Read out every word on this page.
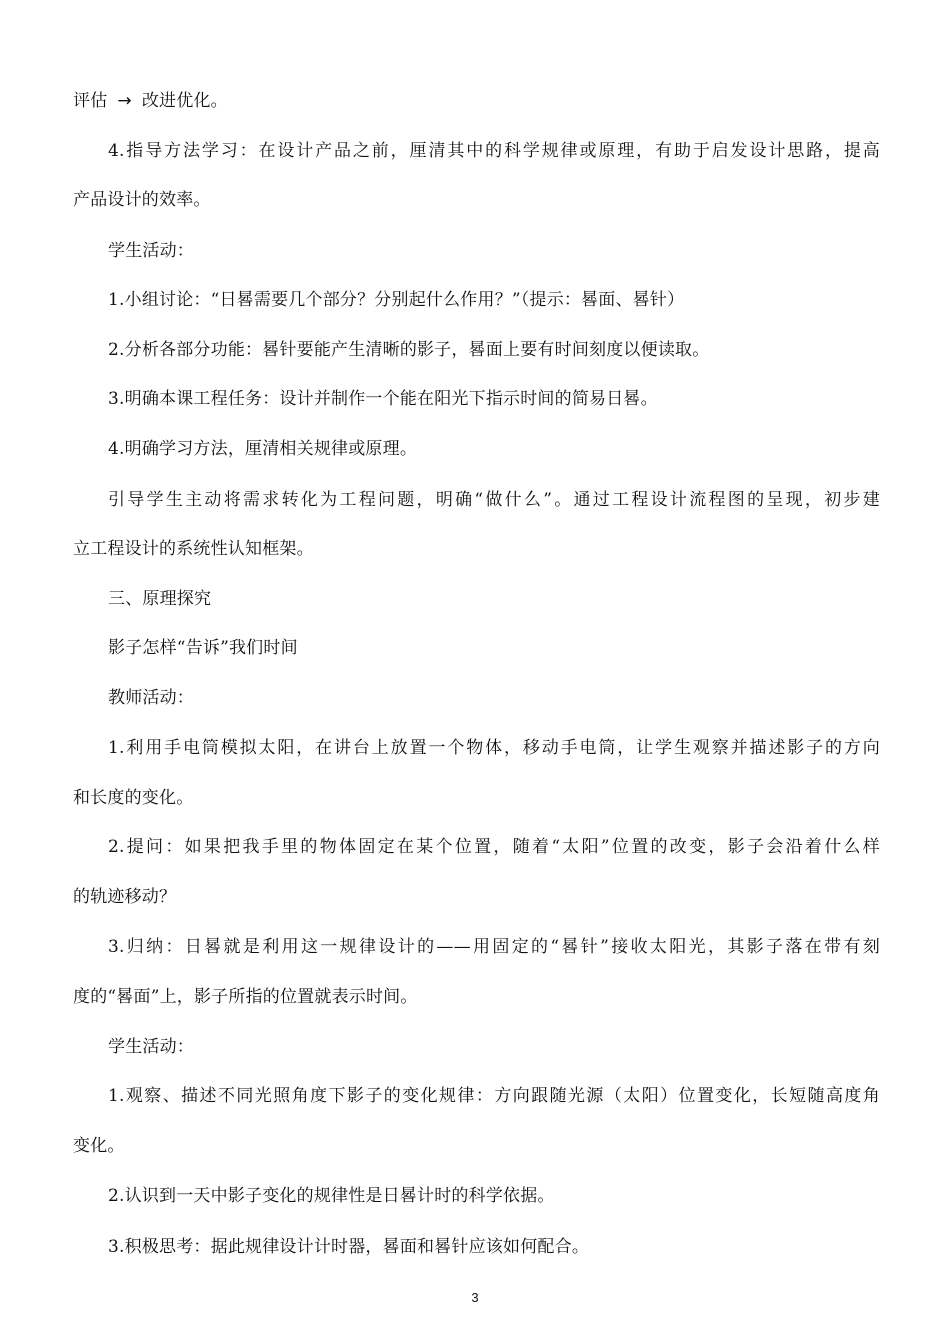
评估 → 改进优化。
4.指导方法学习：在设计产品之前，厘清其中的科学规律或原理，有助于启发设计思路，提高
产品设计的效率。
学生活动：
1.小组讨论：“日晷需要几个部分？分别起什么作用？”（提示：晷面、晷针）
2.分析各部分功能：晷针要能产生清晰的影子，晷面上要有时间刻度以便读取。
3.明确本课工程任务：设计并制作一个能在阳光下指示时间的简易日晷。
4.明确学习方法，厘清相关规律或原理。
引导学生主动将需求转化为工程问题，明确“做什么”。通过工程设计流程图的呈现，初步建
立工程设计的系统性认知框架。
三、原理探究
影子怎样“告诉”我们时间
教师活动：
1.利用手电筒模拟太阳，在讲台上放置一个物体，移动手电筒，让学生观察并描述影子的方向
和长度的变化。
2.提问：如果把我手里的物体固定在某个位置，随着“太阳”位置的改变，影子会沿着什么样
的轨迹移动？
3.归纳：日晷就是利用这一规律设计的——用固定的“晷针”接收太阳光，其影子落在带有刻
度的“晷面”上，影子所指的位置就表示时间。
学生活动：
1.观察、描述不同光照角度下影子的变化规律：方向跟随光源（太阳）位置变化，长短随高度角
变化。
2.认识到一天中影子变化的规律性是日晷计时的科学依据。
3.积极思考：据此规律设计计时器，晷面和晷针应该如何配合。
3
